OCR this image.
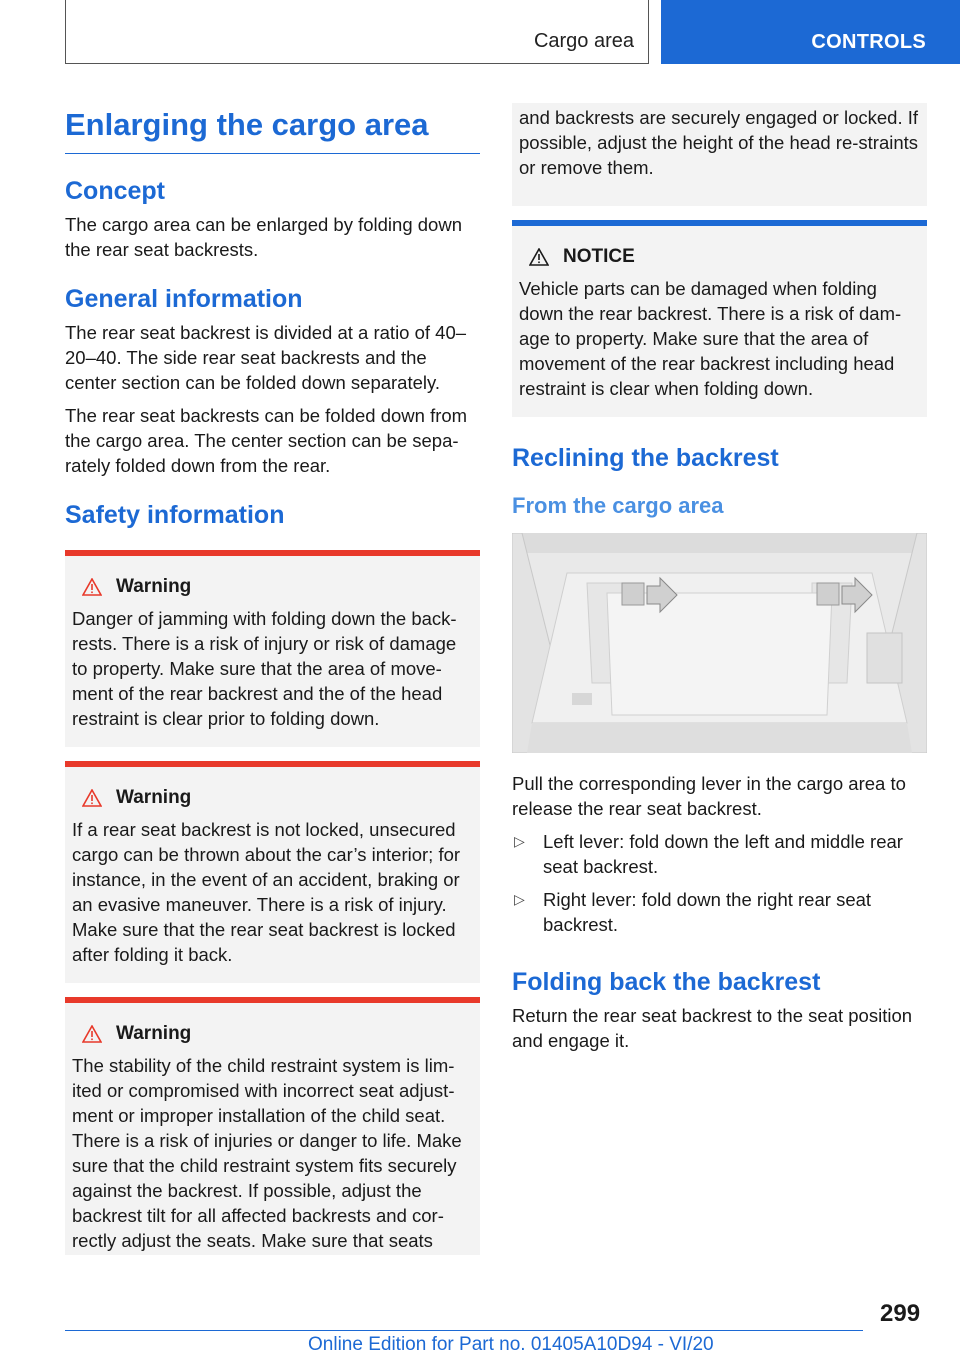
Cargo area	CONTROLS
Enlarging the cargo area
Concept

The cargo area can be enlarged by folding down the rear seat backrests.

General information

The rear seat backrest is divided at a ratio of 40–20–40. The side rear seat backrests and the center section can be folded down separately.

The rear seat backrests can be folded down from the cargo area. The center section can be sepa‐rately folded down from the rear.

Safety information
Warning

Danger of jamming with folding down the back‐rests. There is a risk of injury or risk of damage to property. Make sure that the area of move‐ment of the rear backrest and the of the head restraint is clear prior to folding down.

Warning

If a rear seat backrest is not locked, unsecured cargo can be thrown about the car’s interior; for instance, in the event of an accident, braking or an evasive maneuver. There is a risk of injury. Make sure that the rear seat backrest is locked after folding it back.

Warning

The stability of the child restraint system is lim‐ited or compromised with incorrect seat adjust‐ment or improper installation of the child seat. There is a risk of injuries or danger to life. Make sure that the child restraint system fits securely against the backrest. If possible, adjust the backrest tilt for all affected backrests and cor‐rectly adjust the seats. Make sure that seats

and backrests are securely engaged or locked. If possible, adjust the height of the head re‐straints or remove them.

NOTICE

Vehicle parts can be damaged when folding down the rear backrest. There is a risk of dam‐age to property. Make sure that the area of movement of the rear backrest including head restraint is clear when folding down.

Reclining the backrest
From the cargo area

Pull the corresponding lever in the cargo area to release the rear seat backrest.

▷ Left lever: fold down the left and middle rear seat backrest.
▷ Right lever: fold down the right rear seat backrest.
Folding back the backrest

Return the rear seat backrest to the seat position and engage it.

299
Online Edition for Part no. 01405A10D94 - VI/20
